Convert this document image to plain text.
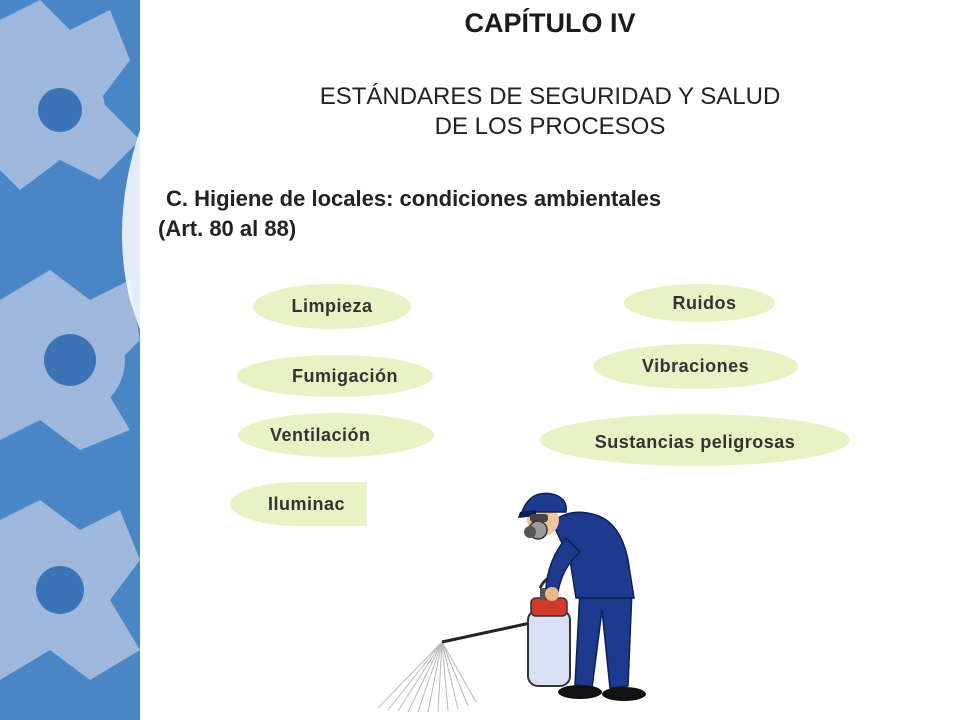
CAPÍTULO IV
ESTÁNDARES DE SEGURIDAD Y SALUD
DE LOS PROCESOS
C. Higiene de locales: condiciones ambientales
(Art. 80 al 88)
Limpieza
Fumigación
Ventilación
Iluminac
Ruidos
Vibraciones
Sustancias peligrosas
